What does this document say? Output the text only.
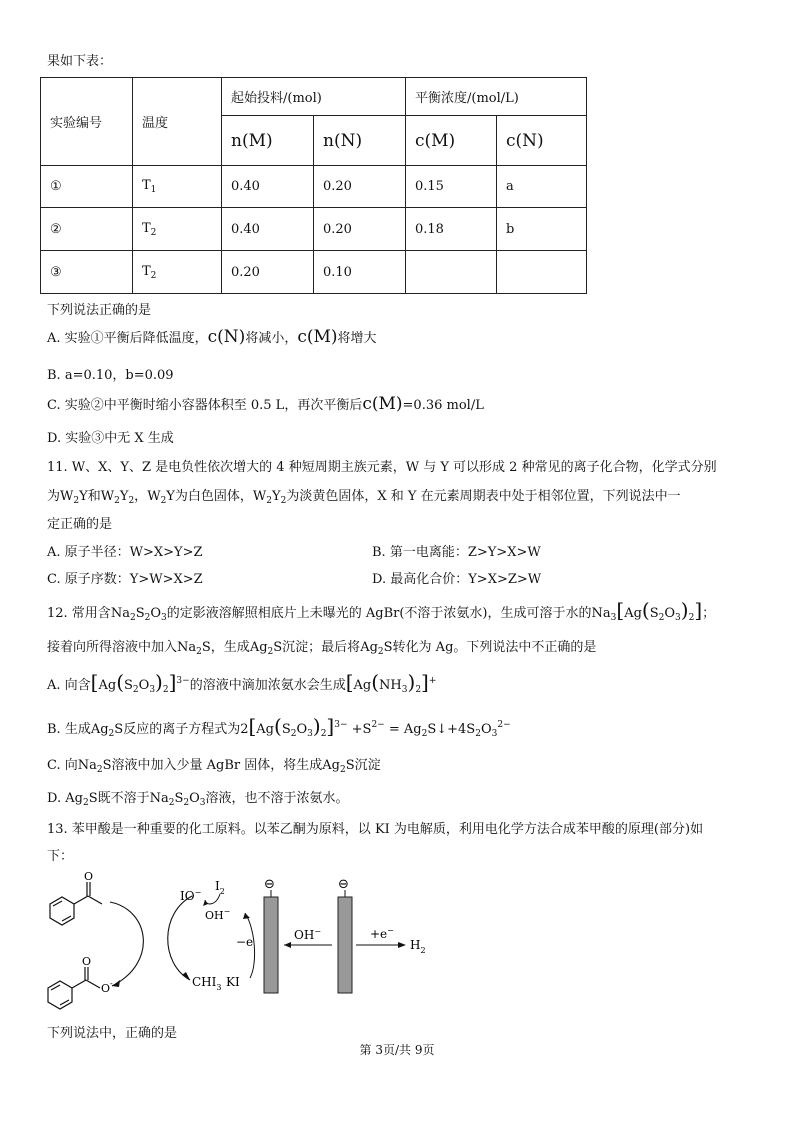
果如下表：
实验编号	温度	起始投料/(mol)		平衡浓度/(mol/L)	
		n(M)	n(N)	c(M)	c(N)
①	$T_1$	0.40	0.20	0.15	a
②	$T_2$	0.40	0.20	0.18	b
③	$T_2$	0.20	0.10		
下列说法正确的是
A. 实验①平衡后降低温度，c(N)将减小，c(M)将增大
B. a=0.10，b=0.09
C. 实验②中平衡时缩小容器体积至 0.5 L，再次平衡后c(M)=0.36 mol/L
D. 实验③中无 X 生成
11. W、X、Y、Z 是电负性依次增大的 4 种短周期主族元素，W 与 Y 可以形成 2 种常见的离子化合物，化学式分别
为$W_2Y$和$W_2Y_2$，$W_2Y$为白色固体，$W_2Y_2$为淡黄色固体，X 和 Y 在元素周期表中处于相邻位置，下列说法中一
定正确的是
A. 原子半径：W>X>Y>Z	B. 第一电离能：Z>Y>X>W
C. 原子序数：Y>W>X>Z	D. 最高化合价：Y>X>Z>W
12. 常用含$Na_2S_2O_3$的定影液溶解照相底片上未曝光的 AgBr(不溶于浓氨水)，生成可溶于水的$Na_3[Ag(S_2O_3)_2]$；
接着向所得溶液中加入$Na_2S$，生成$Ag_2S$沉淀；最后将$Ag_2S$转化为 Ag。下列说法中不正确的是
A. 向含$[Ag(S_2O_3)_2]^{3-}$的溶液中滴加浓氨水会生成$[Ag(NH_3)_2]^+$
B. 生成$Ag_2S$反应的离子方程式为$2[Ag(S_2O_3)_2]^{3-} +S^{2-}$ = $Ag_2S↓+4S_2O_3^{2-}$
C. 向$Na_2S$溶液中加入少量 AgBr 固体，将生成$Ag_2S$沉淀
D. $Ag_2S$既不溶于$Na_2S_2O_3$溶液，也不溶于浓氨水。
13. 苯甲酸是一种重要的化工原料。以苯乙酮为原料，以 KI 为电解质，利用电化学方法合成苯甲酸的原理(部分)如
下：
O
O
O -
IO− $I_2$
OH−
$CHI_3$ KI
⊖
−e
⊖
OH−	+e−
$H_2$
下列说法中，正确的是
第 3页/共 9页
